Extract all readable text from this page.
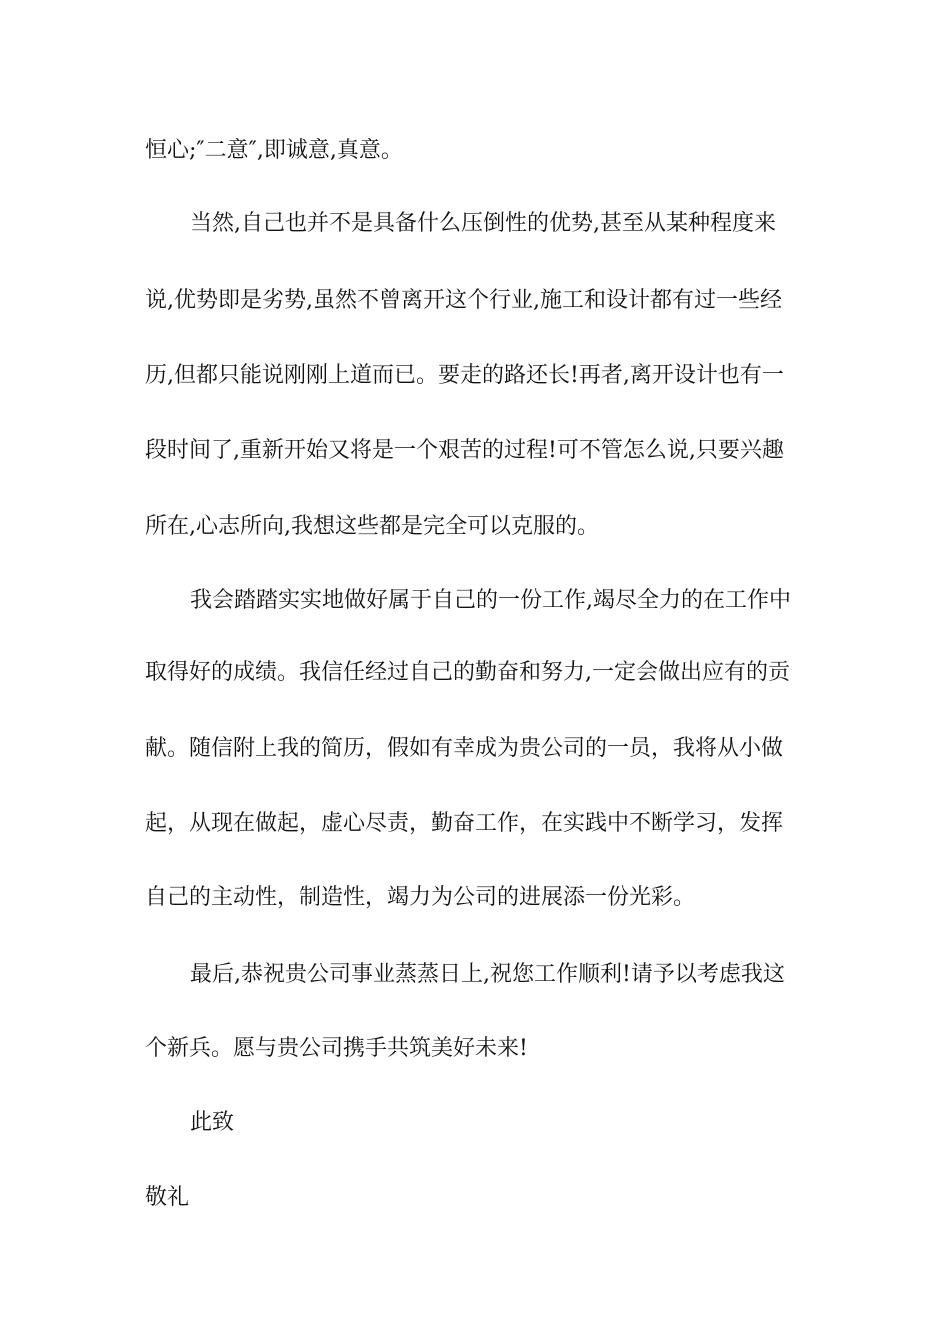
恒心;″二意″,即诚意,真意。

当然,自己也并不是具备什么压倒性的优势,甚至从某种程度来

说,优势即是劣势,虽然不曾离开这个行业,施工和设计都有过一些经

历,但都只能说刚刚上道而已。要走的路还长!再者,离开设计也有一

段时间了,重新开始又将是一个艰苦的过程!可不管怎么说,只要兴趣

所在,心志所向,我想这些都是完全可以克服的。

我会踏踏实实地做好属于自己的一份工作,竭尽全力的在工作中

取得好的成绩。我信任经过自己的勤奋和努力,一定会做出应有的贡

献。随信附上我的简历，假如有幸成为贵公司的一员，我将从小做

起，从现在做起，虚心尽责，勤奋工作，在实践中不断学习，发挥

自己的主动性，制造性，竭力为公司的进展添一份光彩。

最后,恭祝贵公司事业蒸蒸日上,祝您工作顺利!请予以考虑我这

个新兵。愿与贵公司携手共筑美好未来!

此致

敬礼
